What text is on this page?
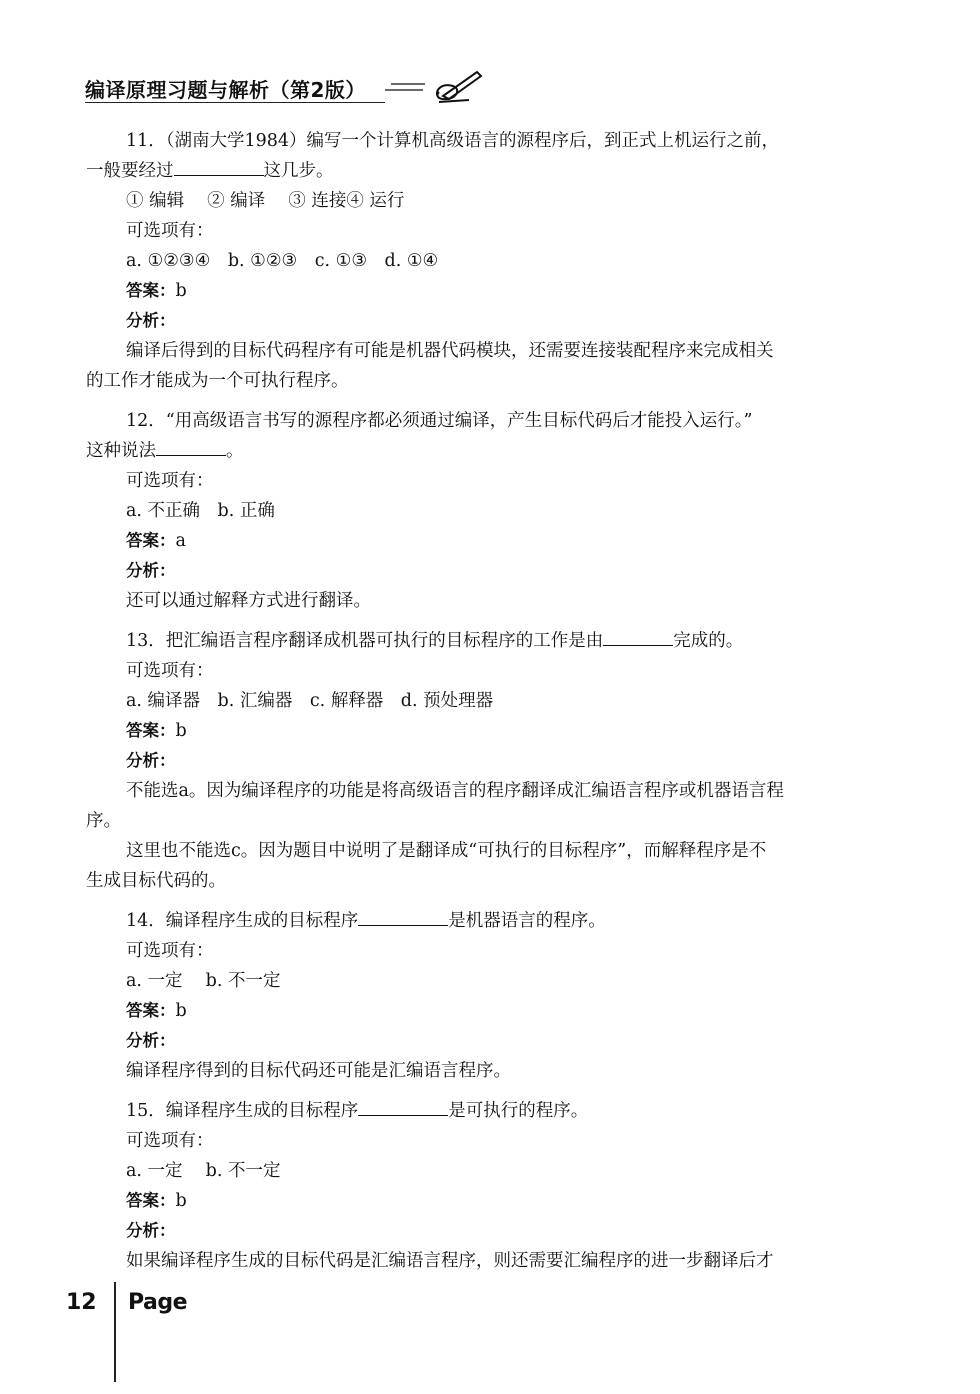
编译原理习题与解析（第2版）
11．（湖南大学1984）编写一个计算机高级语言的源程序后，到正式上机运行之前，
一般要经过	这几步。
① 编辑　 ② 编译　 ③ 连接④ 运行
可选项有：
a. ①②③④　b. ①②③　c. ①③　d. ①④
答案：b
分析：
编译后得到的目标代码程序有可能是机器代码模块，还需要连接装配程序来完成相关
的工作才能成为一个可执行程序。
12．“用高级语言书写的源程序都必须通过编译，产生目标代码后才能投入运行。”
这种说法	。
可选项有：
a. 不正确　b. 正确
答案：a
分析：
还可以通过解释方式进行翻译。
13．把汇编语言程序翻译成机器可执行的目标程序的工作是由	完成的。
可选项有：
a. 编译器　b. 汇编器　c. 解释器　d. 预处理器
答案：b
分析：
不能选a。因为编译程序的功能是将高级语言的程序翻译成汇编语言程序或机器语言程
序。
这里也不能选c。因为题目中说明了是翻译成“可执行的目标程序”，而解释程序是不
生成目标代码的。
14．编译程序生成的目标程序	是机器语言的程序。
可选项有：
a. 一定　 b. 不一定
答案：b
分析：
编译程序得到的目标代码还可能是汇编语言程序。
15．编译程序生成的目标程序	是可执行的程序。
可选项有：
a. 一定　 b. 不一定
答案：b
分析：
如果编译程序生成的目标代码是汇编语言程序，则还需要汇编程序的进一步翻译后才
12 Page
